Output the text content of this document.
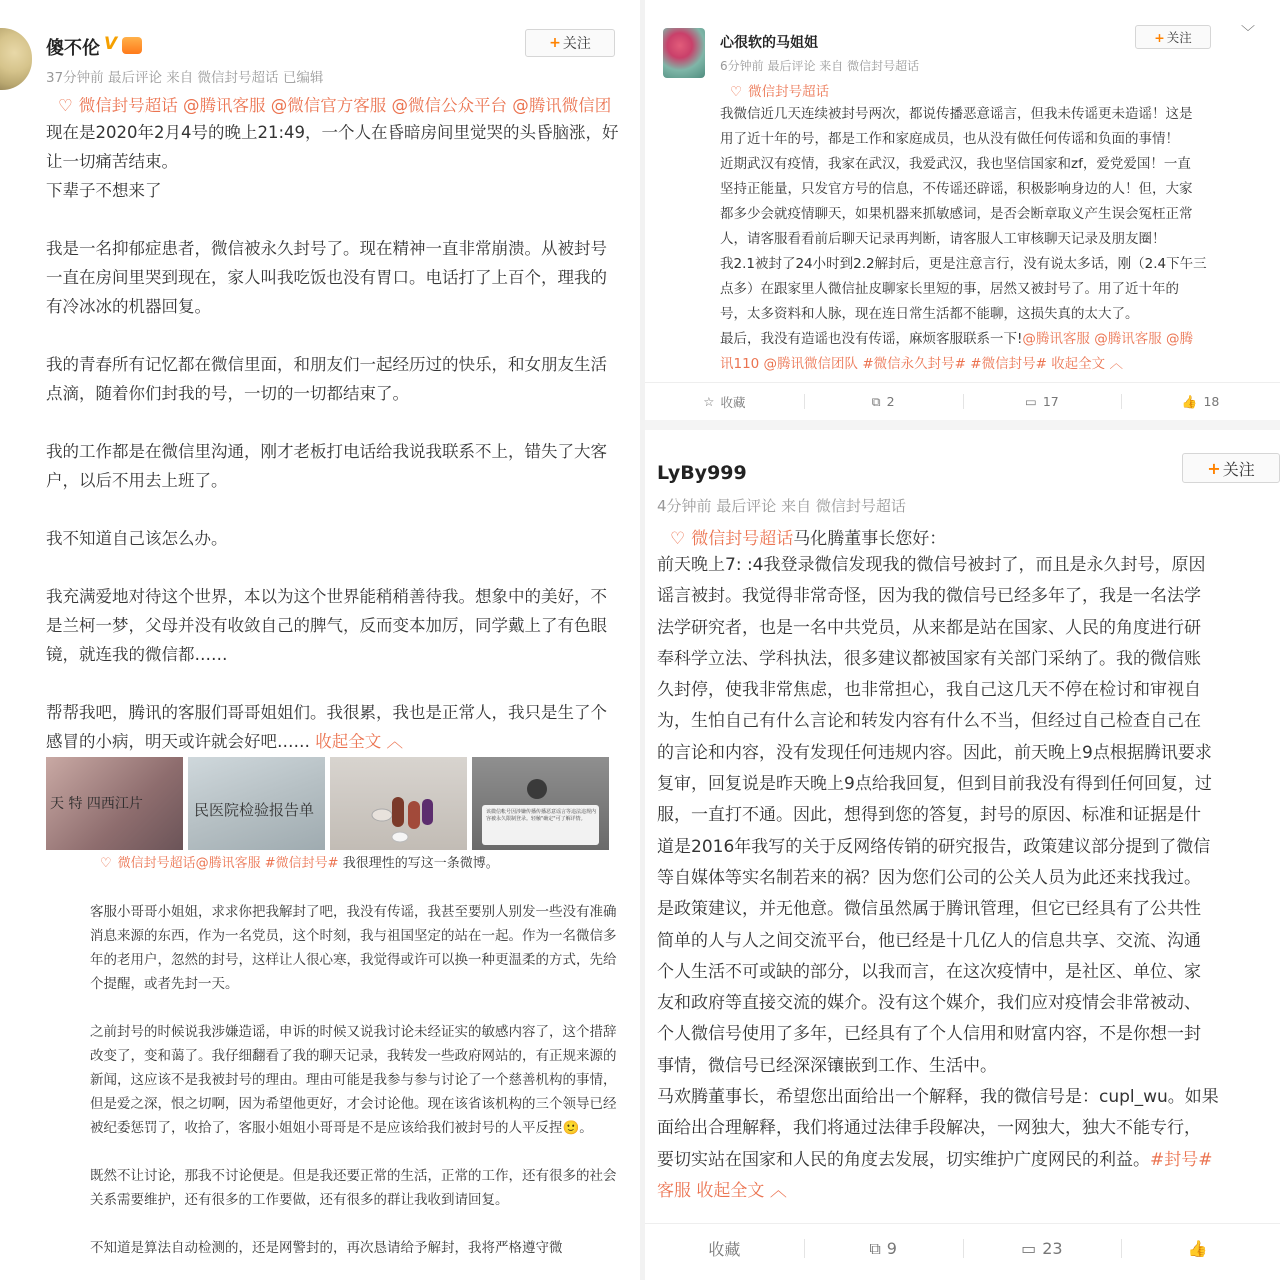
傻不伦 V
37分钟前 最后评论 来自 微信封号超话 已编辑
+ 关注
♡ 微信封号超话 @腾讯客服 @微信官方客服 @微信公众平台 @腾讯微信团

现在是2020年2月4号的晚上21:49，一个人在昏暗房间里觉哭的头昏脑涨，好

让一切痛苦结束。

下辈子不想来了

我是一名抑郁症患者，微信被永久封号了。现在精神一直非常崩溃。从被封号

一直在房间里哭到现在，家人叫我吃饭也没有胃口。电话打了上百个，理我的

有冷冰冰的机器回复。

我的青春所有记忆都在微信里面，和朋友们一起经历过的快乐，和女朋友生活

点滴，随着你们封我的号，一切的一切都结束了。

我的工作都是在微信里沟通，刚才老板打电话给我说我联系不上，错失了大客

户，以后不用去上班了。

我不知道自己该怎么办。

我充满爱地对待这个世界，本以为这个世界能稍稍善待我。想象中的美好，不

是兰柯一梦，父母并没有收敛自己的脾气，反而变本加厉，同学戴上了有色眼

镜，就连我的微信都……

帮帮我吧，腾讯的客服们哥哥姐姐们。我很累，我也是正常人，我只是生了个

感冒的小病，明天或许就会好吧…… 收起全文 ︿

天 特 四西江片	民医院检验报告单	该微信帐号因涉嫌传播传播恶意谣言等违法违规内容被永久限制登录。轻触"确定"可了解详情。
♡ 微信封号超话@腾讯客服 #微信封号# 我很理性的写这一条微博。

客服小哥哥小姐姐，求求你把我解封了吧，我没有传谣，我甚至要别人别发一些没有准确消息来源的东西，作为一名党员，这个时刻，我与祖国坚定的站在一起。作为一名微信多年的老用户，忽然的封号，这样让人很心寒，我觉得或许可以换一种更温柔的方式，先给个提醒，或者先封一天。

之前封号的时候说我涉嫌造谣，申诉的时候又说我讨论未经证实的敏感内容了，这个措辞改变了，变和蔼了。我仔细翻看了我的聊天记录，我转发一些政府网站的，有正规来源的新闻，这应该不是我被封号的理由。理由可能是我参与参与讨论了一个慈善机构的事情，但是爱之深，恨之切啊，因为希望他更好，才会讨论他。现在该省该机构的三个领导已经被纪委惩罚了，收拾了，客服小姐姐小哥哥是不是应该给我们被封号的人平反捏🙂。

既然不让讨论，那我不讨论便是。但是我还要正常的生活，正常的工作，还有很多的社会关系需要维护，还有很多的工作要做，还有很多的群让我收到请回复。

不知道是算法自动检测的，还是网警封的，再次恳请给予解封，我将严格遵守微

心很软的马姐姐
6分钟前 最后评论 来自 微信封号超话
+ 关注	﹀
♡ 微信封号超话

我微信近几天连续被封号两次，都说传播恶意谣言，但我未传谣更未造谣！这是

用了近十年的号，都是工作和家庭成员，也从没有做任何传谣和负面的事情！

近期武汉有疫情，我家在武汉，我爱武汉，我也坚信国家和zf，爱党爱国！一直

坚持正能量，只发官方号的信息，不传谣还辟谣，积极影响身边的人！但，大家

都多少会就疫情聊天，如果机器来抓敏感词，是否会断章取义产生误会冤枉正常

人，请客服看看前后聊天记录再判断，请客服人工审核聊天记录及朋友圈！

我2.1被封了24小时到2.2解封后，更是注意言行，没有说太多话，刚（2.4下午三

点多）在跟家里人微信扯皮聊家长里短的事，居然又被封号了。用了近十年的

号，太多资料和人脉，现在连日常生活都不能聊，这损失真的太大了。

最后，我没有造谣也没有传谣，麻烦客服联系一下!@腾讯客服 @腾讯客服 @腾

讯110 @腾讯微信团队 #微信永久封号# #微信封号# 收起全文 ︿

☆ 收藏	⧉ 2	▭ 17	👍 18
LyBy999
4分钟前 最后评论 来自 微信封号超话
+ 关注
♡ 微信封号超话马化腾董事长您好：

前天晚上7: :4我登录微信发现我的微信号被封了，而且是永久封号，原因

谣言被封。我觉得非常奇怪，因为我的微信号已经多年了，我是一名法学

法学研究者，也是一名中共党员，从来都是站在国家、人民的角度进行研

奉科学立法、学科执法，很多建议都被国家有关部门采纳了。我的微信账

久封停，使我非常焦虑，也非常担心，我自己这几天不停在检讨和审视自

为，生怕自己有什么言论和转发内容有什么不当，但经过自己检查自己在

的言论和内容，没有发现任何违规内容。因此，前天晚上9点根据腾讯要求

复审，回复说是昨天晚上9点给我回复，但到目前我没有得到任何回复，过

服，一直打不通。因此，想得到您的答复，封号的原因、标准和证据是什

道是2016年我写的关于反网络传销的研究报告，政策建议部分提到了微信

等自媒体等实名制若来的祸？因为您们公司的公关人员为此还来找我过。

是政策建议，并无他意。微信虽然属于腾讯管理，但它已经具有了公共性

简单的人与人之间交流平台，他已经是十几亿人的信息共享、交流、沟通

个人生活不可或缺的部分，以我而言，在这次疫情中，是社区、单位、家

友和政府等直接交流的媒介。没有这个媒介，我们应对疫情会非常被动、

个人微信号使用了多年，已经具有了个人信用和财富内容，不是你想一封

事情，微信号已经深深镶嵌到工作、生活中。

马欢腾董事长，希望您出面给出一个解释，我的微信号是：cupl_wu。如果

面给出合理解释，我们将通过法律手段解决，一网独大，独大不能专行，

要切实站在国家和人民的角度去发展，切实维护广度网民的利益。#封号#

客服 收起全文 ︿

收藏	⧉ 9	▭ 23	👍
